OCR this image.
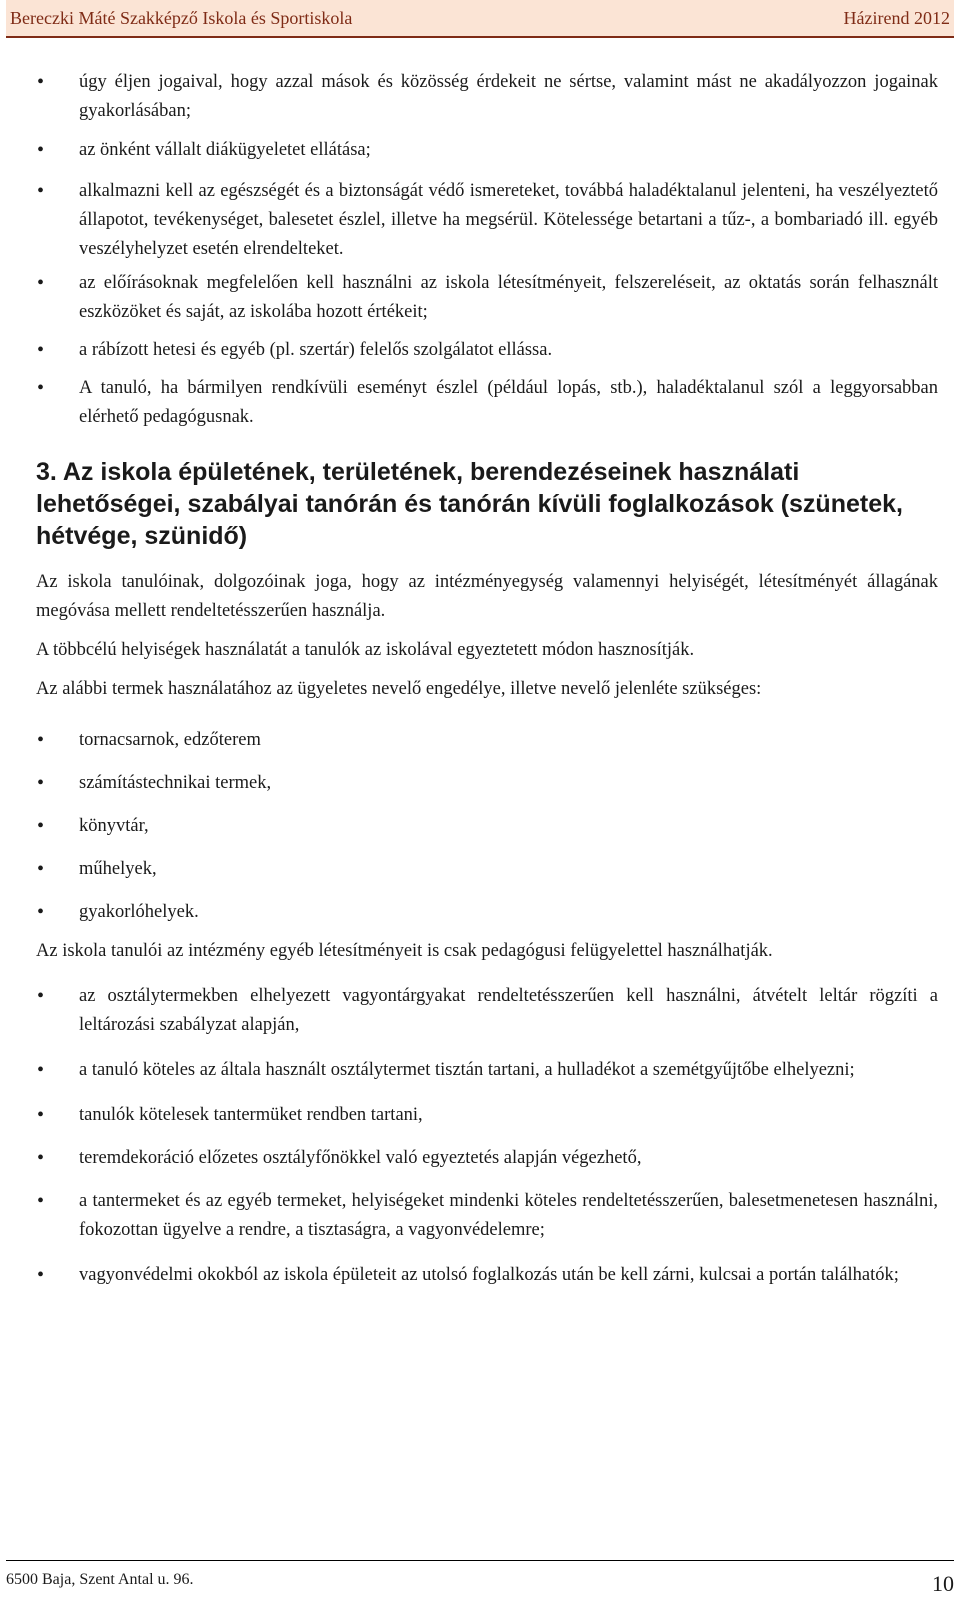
Bereczki Máté Szakképző Iskola és Sportiskola	Házirend 2012
• úgy éljen jogaival, hogy azzal mások és közösség érdekeit ne sértse, valamint mást ne akadályozzon jogainak gyakorlásában;
• az önként vállalt diákügyeletet ellátása;
• alkalmazni kell az egészségét és a biztonságát védő ismereteket, továbbá haladéktalanul jelenteni, ha veszélyeztető állapotot, tevékenységet, balesetet észlel, illetve ha megsérül. Kötelessége betartani a tűz-, a bombariadó ill. egyéb veszélyhelyzet esetén elrendelteket.
• az előírásoknak megfelelően kell használni az iskola létesítményeit, felszereléseit, az oktatás során felhasznált eszközöket és saját, az iskolába hozott értékeit;
• a rábízott hetesi és egyéb (pl. szertár) felelős szolgálatot ellássa.
• A tanuló, ha bármilyen rendkívüli eseményt észlel (például lopás, stb.), haladéktalanul szól a leggyorsabban elérhető pedagógusnak.
3. Az iskola épületének, területének, berendezéseinek használati lehetőségei, szabályai tanórán és tanórán kívüli foglalkozások (szünetek, hétvége, szünidő)

Az iskola tanulóinak, dolgozóinak joga, hogy az intézményegység valamennyi helyiségét, létesítményét állagának megóvása mellett rendeltetésszerűen használja.

A többcélú helyiségek használatát a tanulók az iskolával egyeztetett módon hasznosítják.

Az alábbi termek használatához az ügyeletes nevelő engedélye, illetve nevelő jelenléte szükséges:

• tornacsarnok, edzőterem
• számítástechnikai termek,
• könyvtár,
• műhelyek,
• gyakorlóhelyek.

Az iskola tanulói az intézmény egyéb létesítményeit is csak pedagógusi felügyelettel használhatják.

• az osztálytermekben elhelyezett vagyontárgyakat rendeltetésszerűen kell használni, átvételt leltár rögzíti a leltározási szabályzat alapján,
• a tanuló köteles az általa használt osztálytermet tisztán tartani, a hulladékot a szemétgyűjtőbe elhelyezni;
• tanulók kötelesek tantermüket rendben tartani,
• teremdekoráció előzetes osztályfőnökkel való egyeztetés alapján végezhető,
• a tantermeket és az egyéb termeket, helyiségeket mindenki köteles rendeltetésszerűen, balesetmenetesen használni, fokozottan ügyelve a rendre, a tisztaságra, a vagyonvédelemre;
• vagyonvédelmi okokból az iskola épületeit az utolsó foglalkozás után be kell zárni, kulcsai a portán találhatók;
6500 Baja, Szent Antal u. 96.	10
